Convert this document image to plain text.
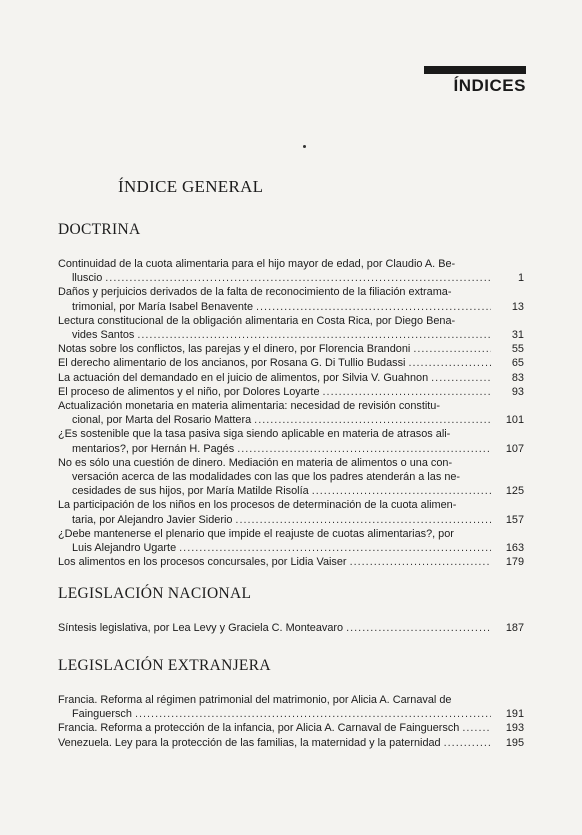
ÍNDICES
ÍNDICE GENERAL
DOCTRINA
Continuidad de la cuota alimentaria para el hijo mayor de edad, por Claudio A. Be-
lluscio .....	1
Daños y perjuicios derivados de la falta de reconocimiento de la filiación extrama-
trimonial, por María Isabel Benavente .....	13
Lectura constitucional de la obligación alimentaria en Costa Rica, por Diego Bena-
vides Santos .....	31
Notas sobre los conflictos, las parejas y el dinero, por Florencia Brandoni .....	55
El derecho alimentario de los ancianos, por Rosana G. Di Tullio Budassi .....	65
La actuación del demandado en el juicio de alimentos, por Silvia V. Guahnon .....	83
El proceso de alimentos y el niño, por Dolores Loyarte .....	93
Actualización monetaria en materia alimentaria: necesidad de revisión constitu-
cional, por Marta del Rosario Mattera .....	101
¿Es sostenible que la tasa pasiva siga siendo aplicable en materia de atrasos ali-
mentarios?, por Hernán H. Pagés .....	107
No es sólo una cuestión de dinero. Mediación en materia de alimentos o una con-
versación acerca de las modalidades con las que los padres atenderán a las ne-
cesidades de sus hijos, por María Matilde Risolía .....	125
La participación de los niños en los procesos de determinación de la cuota alimen-
taria, por Alejandro Javier Siderio .....	157
¿Debe mantenerse el plenario que impide el reajuste de cuotas alimentarias?, por
Luis Alejandro Ugarte .....	163
Los alimentos en los procesos concursales, por Lidia Vaiser .....	179
LEGISLACIÓN NACIONAL
Síntesis legislativa, por Lea Levy y Graciela C. Monteavaro .....	187
LEGISLACIÓN EXTRANJERA
Francia. Reforma al régimen patrimonial del matrimonio, por Alicia A. Carnaval de
Fainguersch .....	191
Francia. Reforma a protección de la infancia, por Alicia A. Carnaval de Fainguersch .....	193
Venezuela. Ley para la protección de las familias, la maternidad y la paternidad .....	195
